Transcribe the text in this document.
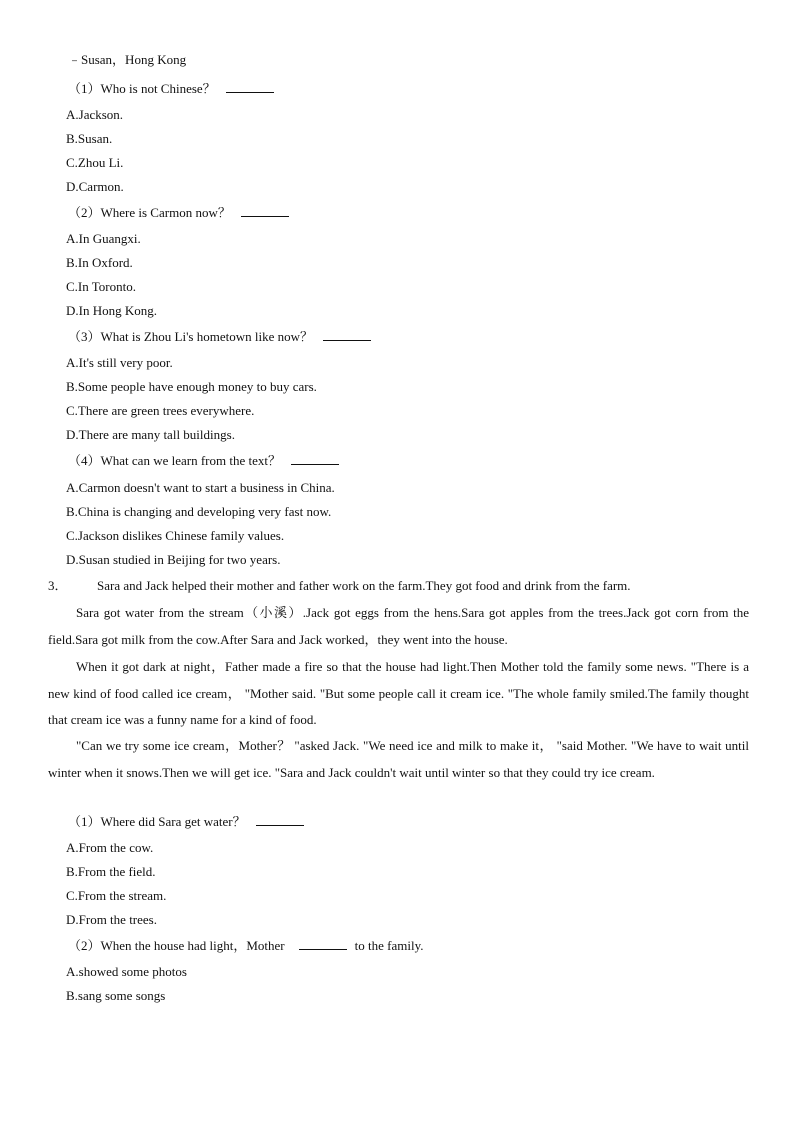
﹣Susan，Hong Kong
（1）Who is not Chinese？
A.Jackson.
B.Susan.
C.Zhou Li.
D.Carmon.
（2）Where is Carmon now？
A.In Guangxi.
B.In Oxford.
C.In Toronto.
D.In Hong Kong.
（3）What is Zhou Li's hometown like now？
A.It's still very poor.
B.Some people have enough money to buy cars.
C.There are green trees everywhere.
D.There are many tall buildings.
（4）What can we learn from the text？
A.Carmon doesn't want to start a business in China.
B.China is changing and developing very fast now.
C.Jackson dislikes Chinese family values.
D.Susan studied in Beijing for two years.
3． Sara and Jack helped their mother and father work on the farm.They got food and drink from the farm.
Sara got water from the stream（小溪）.Jack got eggs from the hens.Sara got apples from the trees.Jack got corn from the field.Sara got milk from the cow.After Sara and Jack worked，they went into the house.
When it got dark at night，Father made a fire so that the house had light.Then Mother told the family some news. "There is a new kind of food called ice cream， "Mother said. "But some people call it cream ice. "The whole family smiled.The family thought that cream ice was a funny name for a kind of food.
"Can we try some ice cream，Mother？ "asked Jack. "We need ice and milk to make it， "said Mother. "We have to wait until winter when it snows.Then we will get ice. "Sara and Jack couldn't wait until winter so that they could try ice cream.
（1）Where did Sara get water？
A.From the cow.
B.From the field.
C.From the stream.
D.From the trees.
（2）When the house had light，Mother	to the family.
A.showed some photos
B.sang some songs
